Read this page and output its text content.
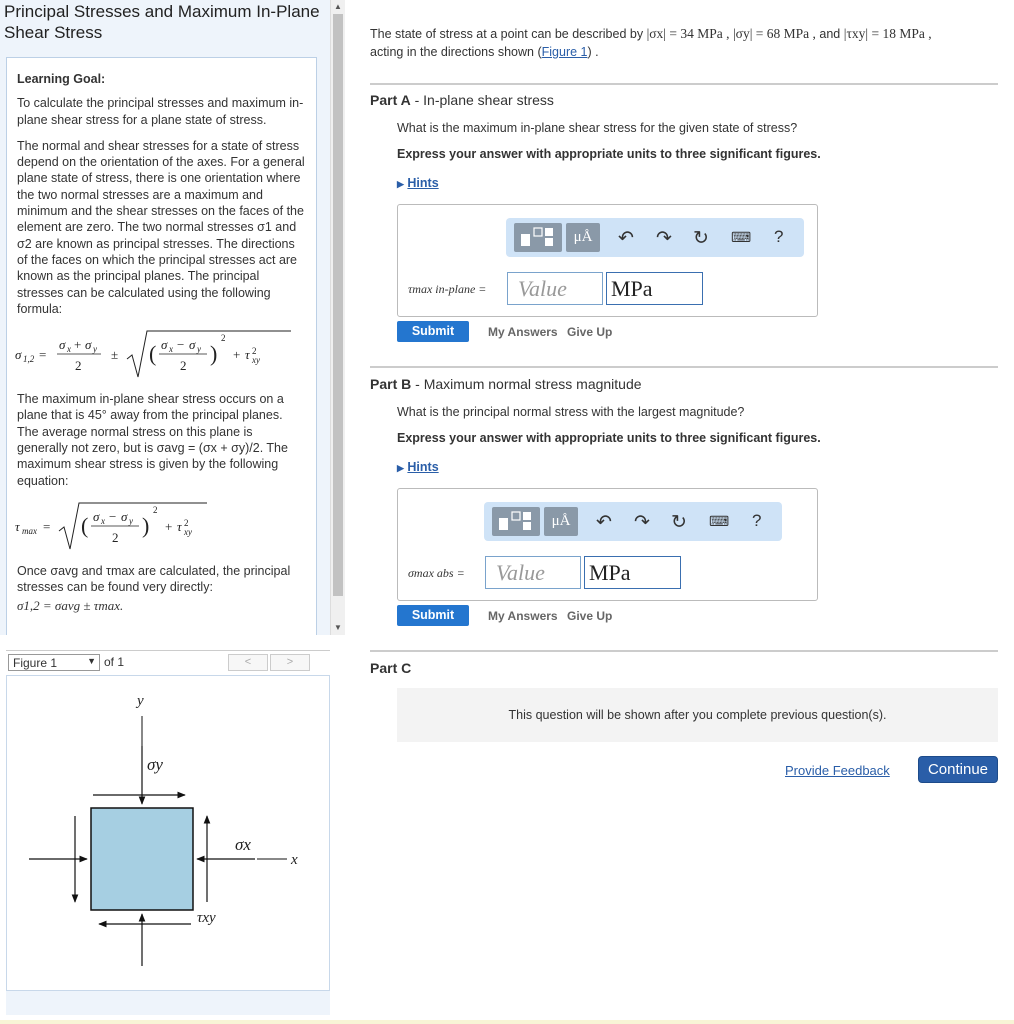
Principal Stresses and Maximum In-Plane Shear Stress

Learning Goal:

To calculate the principal stresses and maximum in-plane shear stress for a plane state of stress.

The normal and shear stresses for a state of stress depend on the orientation of the axes. For a general plane state of stress, there is one orientation where the two normal stresses are a maximum and minimum and the shear stresses on the faces of the element are zero. The two normal stresses σ1 and σ2 are known as principal stresses. The directions of the faces on which the principal stresses act are known as the principal planes. The principal stresses can be calculated using the following formula:

σ 1,2 =
σ x + σ y
2
± ( σ x − σ y
2 )
2
+ τ 2
xy

The maximum in-plane shear stress occurs on a plane that is 45° away from the principal planes. The average normal stress on this plane is generally not zero, but is σavg = (σx + σy)/2. The maximum shear stress is given by the following equation:

τ max = ( σ x − σ y
2 )
2
+ τ 2
xy

Once σavg and τmax are calculated, the principal stresses can be found very directly:

σ1,2 = σavg ± τmax.

▲
▼
Figure 1	▼ of 1	<	>
y
x
σy
σx
τxy
The state of stress at a point can be described by |σx| = 34 MPa , |σy| = 68 MPa , and |τxy| = 18 MPa ,
acting in the directions shown (Figure 1) .
Part A - In-plane shear stress
What is the maximum in-plane shear stress for the given state of stress?
Express your answer with appropriate units to three significant figures.
▶ Hints
μÅ	↶ ↷ ↻ ⌨ ?
τmax in-plane =	Value	MPa
Submit	My Answers Give Up
Part B - Maximum normal stress magnitude
What is the principal normal stress with the largest magnitude?
Express your answer with appropriate units to three significant figures.
▶ Hints
μÅ	↶ ↷ ↻ ⌨ ?
σmax abs =	Value	MPa
Submit	My Answers Give Up
Part C
This question will be shown after you complete previous question(s).
Provide Feedback	Continue
